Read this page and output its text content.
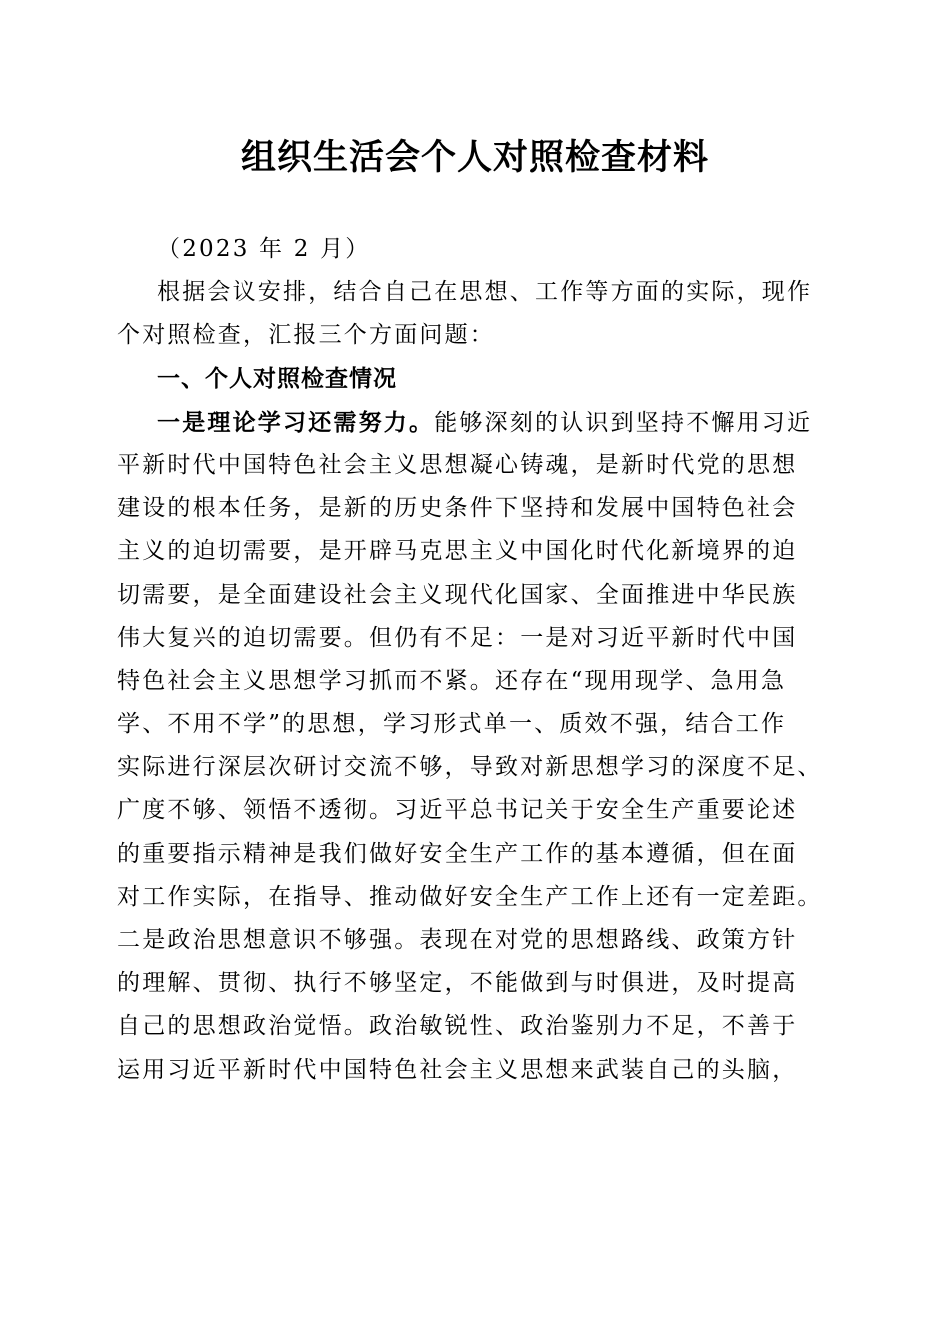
组织生活会个人对照检查材料
（2023 年 2 月）
根据会议安排，结合自己在思想、工作等方面的实际，现作
个对照检查，汇报三个方面问题：
一、个人对照检查情况
一是理论学习还需努力。能够深刻的认识到坚持不懈用习近
平新时代中国特色社会主义思想凝心铸魂，是新时代党的思想
建设的根本任务，是新的历史条件下坚持和发展中国特色社会
主义的迫切需要，是开辟马克思主义中国化时代化新境界的迫
切需要，是全面建设社会主义现代化国家、全面推进中华民族
伟大复兴的迫切需要。但仍有不足：一是对习近平新时代中国
特色社会主义思想学习抓而不紧。还存在“现用现学、急用急
学、不用不学”的思想，学习形式单一、质效不强，结合工作
实际进行深层次研讨交流不够，导致对新思想学习的深度不足、
广度不够、领悟不透彻。习近平总书记关于安全生产重要论述
的重要指示精神是我们做好安全生产工作的基本遵循，但在面
对工作实际，在指导、推动做好安全生产工作上还有一定差距。
二是政治思想意识不够强。表现在对党的思想路线、政策方针
的理解、贯彻、执行不够坚定，不能做到与时俱进，及时提高
自己的思想政治觉悟。政治敏锐性、政治鉴别力不足，不善于
运用习近平新时代中国特色社会主义思想来武装自己的头脑，
